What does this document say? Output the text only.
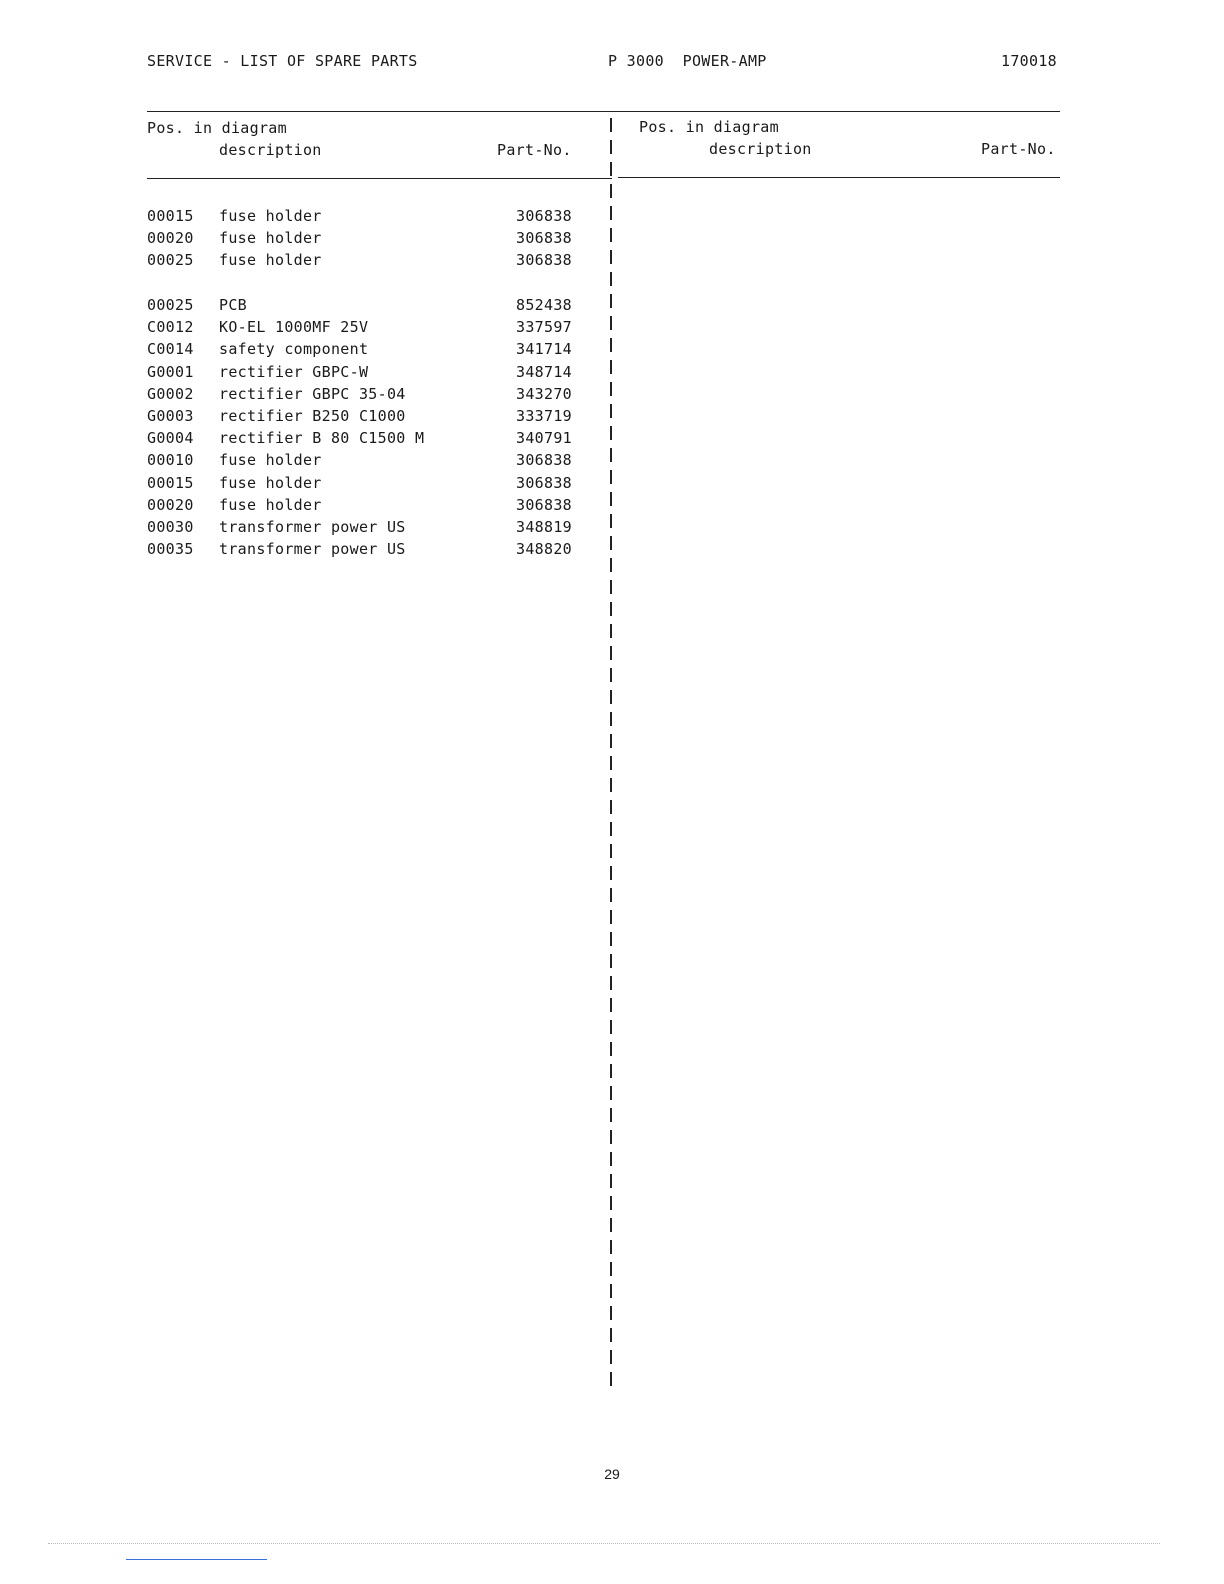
SERVICE - LIST OF SPARE PARTS	P 3000  POWER-AMP	170018
Pos. in diagram
description	Part-No.
Pos. in diagram
description	Part-No.
00015 fuse holder	306838
00020 fuse holder	306838
00025 fuse holder	306838
00025 PCB	852438
C0012 KO-EL 1000MF 25V	337597
C0014 safety component	341714
G0001 rectifier GBPC-W	348714
G0002 rectifier GBPC 35-04	343270
G0003 rectifier B250 C1000	333719
G0004 rectifier B 80 C1500 M	340791
00010 fuse holder	306838
00015 fuse holder	306838
00020 fuse holder	306838
00030 transformer power US	348819
00035 transformer power US	348820
29
